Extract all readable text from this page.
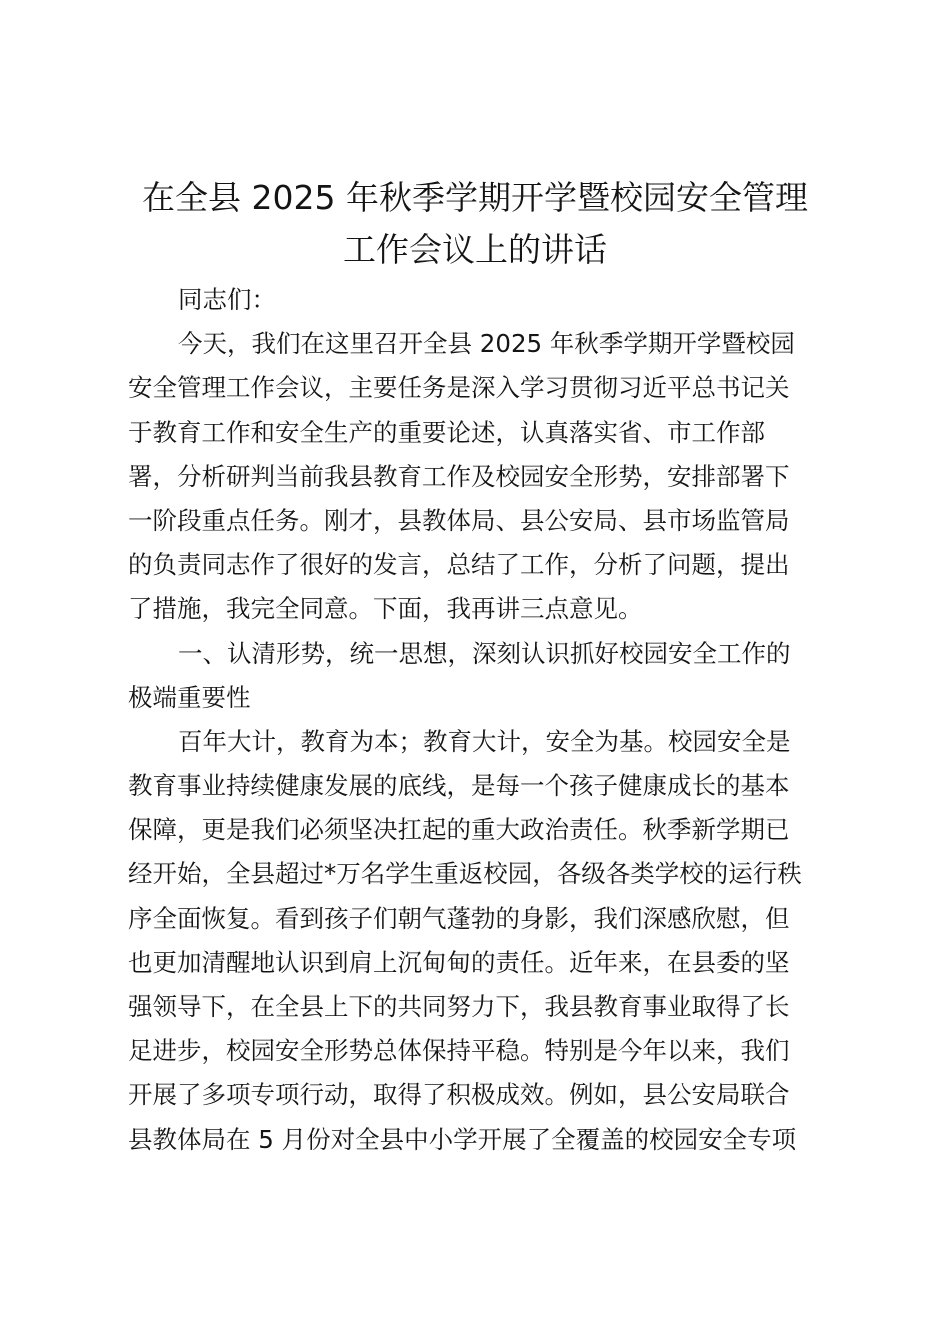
在全县 2025 年秋季学期开学暨校园安全管理
工作会议上的讲话
同志们：
今天，我们在这里召开全县 2025 年秋季学期开学暨校园
安全管理工作会议，主要任务是深入学习贯彻习近平总书记关
于教育工作和安全生产的重要论述，认真落实省、市工作部
署，分析研判当前我县教育工作及校园安全形势，安排部署下
一阶段重点任务。刚才，县教体局、县公安局、县市场监管局
的负责同志作了很好的发言，总结了工作，分析了问题，提出
了措施，我完全同意。下面，我再讲三点意见。
一、认清形势，统一思想，深刻认识抓好校园安全工作的
极端重要性
百年大计，教育为本；教育大计，安全为基。校园安全是
教育事业持续健康发展的底线，是每一个孩子健康成长的基本
保障，更是我们必须坚决扛起的重大政治责任。秋季新学期已
经开始，全县超过*万名学生重返校园，各级各类学校的运行秩
序全面恢复。看到孩子们朝气蓬勃的身影，我们深感欣慰，但
也更加清醒地认识到肩上沉甸甸的责任。近年来，在县委的坚
强领导下，在全县上下的共同努力下，我县教育事业取得了长
足进步，校园安全形势总体保持平稳。特别是今年以来，我们
开展了多项专项行动，取得了积极成效。例如，县公安局联合
县教体局在 5 月份对全县中小学开展了全覆盖的校园安全专项
